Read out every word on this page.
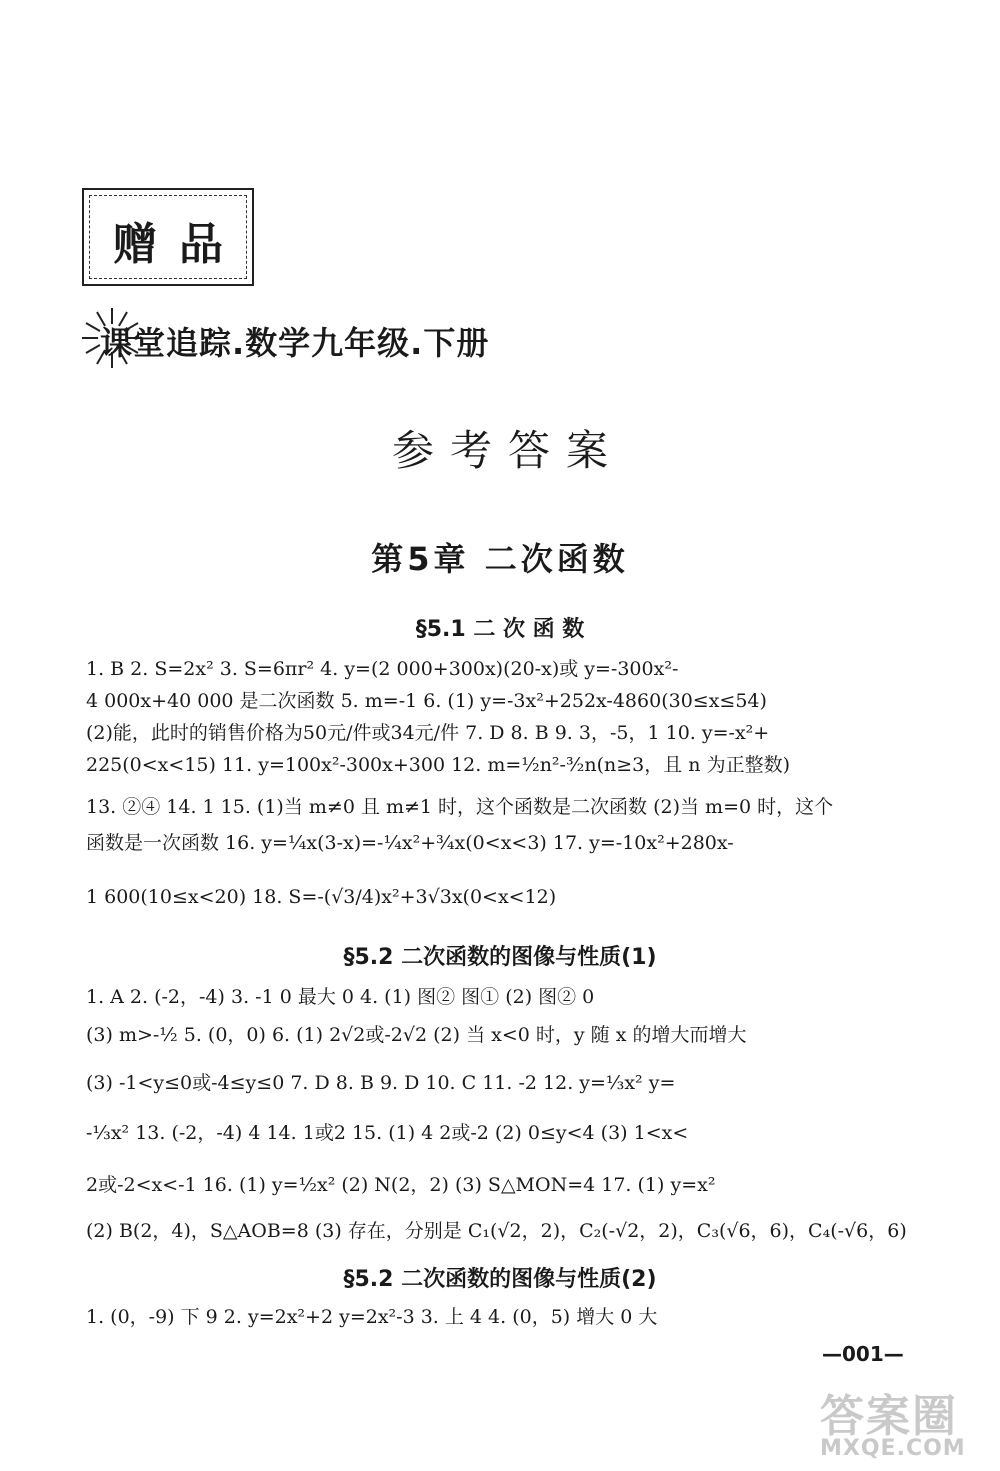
赠品
课堂追踪.数学九年级.下册
参考答案
第5章 二次函数
§5.1 二 次 函 数
1. B 2. S=2x² 3. S=6πr² 4. y=(2 000+300x)(20-x)或 y=-300x²-
4 000x+40 000 是二次函数 5. m=-1 6. (1) y=-3x²+252x-4860(30≤x≤54)
(2)能，此时的销售价格为50元/件或34元/件 7. D 8. B 9. 3，-5，1 10. y=-x²+
225(0<x<15) 11. y=100x²-300x+300 12. m=½n²-³⁄₂n(n≥3，且 n 为正整数)
13. ②④ 14. 1 15. (1)当 m≠0 且 m≠1 时，这个函数是二次函数 (2)当 m=0 时，这个
函数是一次函数 16. y=¼x(3-x)=-¼x²+¾x(0<x<3) 17. y=-10x²+280x-
1 600(10≤x<20) 18. S=-(√3/4)x²+3√3x(0<x<12)
§5.2 二次函数的图像与性质(1)
1. A 2. (-2，-4) 3. -1 0 最大 0 4. (1) 图② 图① (2) 图② 0
(3) m>-½ 5. (0，0) 6. (1) 2√2或-2√2 (2) 当 x<0 时，y 随 x 的增大而增大
(3) -1<y≤0或-4≤y≤0 7. D 8. B 9. D 10. C 11. -2 12. y=⅓x² y=
-⅓x² 13. (-2，-4) 4 14. 1或2 15. (1) 4 2或-2 (2) 0≤y<4 (3) 1<x<
2或-2<x<-1 16. (1) y=½x² (2) N(2，2) (3) S△MON=4 17. (1) y=x²
(2) B(2，4)，S△AOB=8 (3) 存在，分别是 C₁(√2，2)，C₂(-√2，2)，C₃(√6，6)，C₄(-√6，6)
§5.2 二次函数的图像与性质(2)
1. (0，-9) 下 9 2. y=2x²+2 y=2x²-3 3. 上 4 4. (0，5) 增大 0 大
—001—
答案圈
MXQE.COM
